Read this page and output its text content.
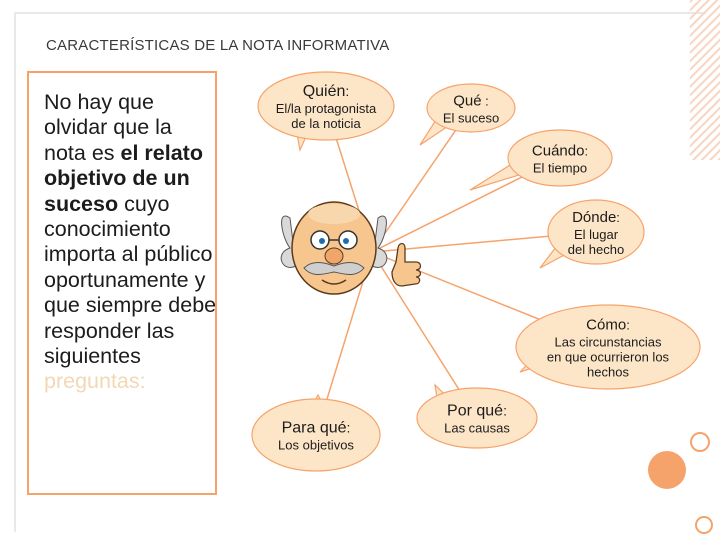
CARACTERÍSTICAS DE LA NOTA INFORMATIVA
No hay que olvidar que la nota es el relato objetivo de un suceso cuyo conocimiento importa al público oportunamente y que siempre debe responder las siguientes preguntas:
Quién:
El/la protagonista
de la noticia
Qué :
El suceso
Cuándo:
El tiempo
Dónde:
El lugar
del hecho
Cómo:
Las circunstancias
en que ocurrieron los
hechos
Por qué:
Las causas
Para qué:
Los objetivos
